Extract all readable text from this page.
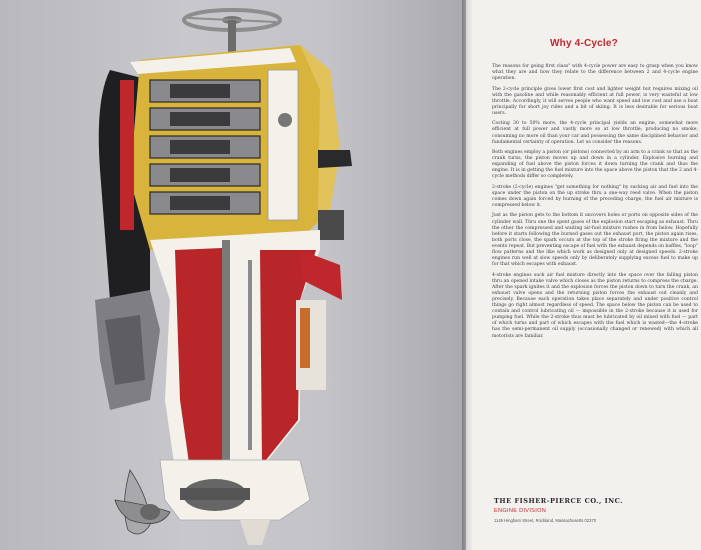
Why 4-Cycle?

The reasons for going first class" with 4-cycle power are easy to grasp when you know what they are and how they relate to the difference between 2 and 4-cycle engine operation.

The 2-cycle principle gives lower first cost and lighter weight but requires mixing oil with the gasoline and while reasonably efficient at full power, is very wasteful at low throttle. Accordingly, it will serves people who want speed and low cost and use a boat principally for short joy rides and a bit of skiing. It is less desirable for serious boat users.

Costing 30 to 50% more, the 4-cycle principal yields an engine, somewhat more efficient at full power and vastly more so at low throttle; producing no smoke, consuming no more oil than your car and possessing the same disciplined behavior and fundamental certainty of operation. Let us consider the reasons.

Both engines employ a piston (or pistons) connected by an arm to a crank so that as the crank turns, the piston moves up and down in a cylinder. Explosive burning and expanding of fuel above the piston forces it down turning the crank and thus the engine. It is in getting the fuel mixture into the space above the piston that the 2 and 4-cycle methods differ so completely.

2-stroke (2-cycle) engines "get something for nothing" by sucking air and fuel into the space under the piston on the up stroke thru a one-way reed valve. When the piston comes down again forced by burning of the preceding charge, the fuel air mixture is compressed below it.

Just as the piston gets to the bottom it uncovers holes or ports on opposite sides of the cylinder wall. Thru one the spent gases of the explosion start escaping as exhaust. Thru the other the compressed and waiting air-fuel mixture rushes in from below. Hopefully before it starts following the burned gases out the exhaust port, the piston again rises, both ports close, the spark occurs at the top of the stroke firing the mixture and the events repeat. But preventing escape of fuel with the exhaust depends on baffles, "loop" flow patterns and the like which work as designed only at designed speeds. 2-stroke engines run well at slow speeds only by deliberately supplying excess fuel to make up for that which escapes with exhaust.

4-stroke engines suck air fuel mixture directly into the space over the falling piston thru an opened intake valve which closes as the piston returns to compress the charge. After the spark ignites it and the explosion forces the piston down to turn the crank, an exhaust valve opens and the returning piston forces the exhaust out cleanly and precisely. Because each operation takes place separately and under positive control things go right almost regardless of speed. The space below the piston can be used to contain and control lubricating oil — impossible in the 2-stroke because it is used for pumping fuel. While the 2-stroke thus must be lubricated by oil mixed with fuel — part of which turns and part of which escapes with the fuel which is wasted—the 4-stroke has the semi-permanent oil supply (occasionally changed or renewed) with which all motorists are familiar.

THE FISHER-PIERCE CO., INC.
ENGINE DIVISION
1149 Hingham Street, Rockland, Massachusetts 02370
